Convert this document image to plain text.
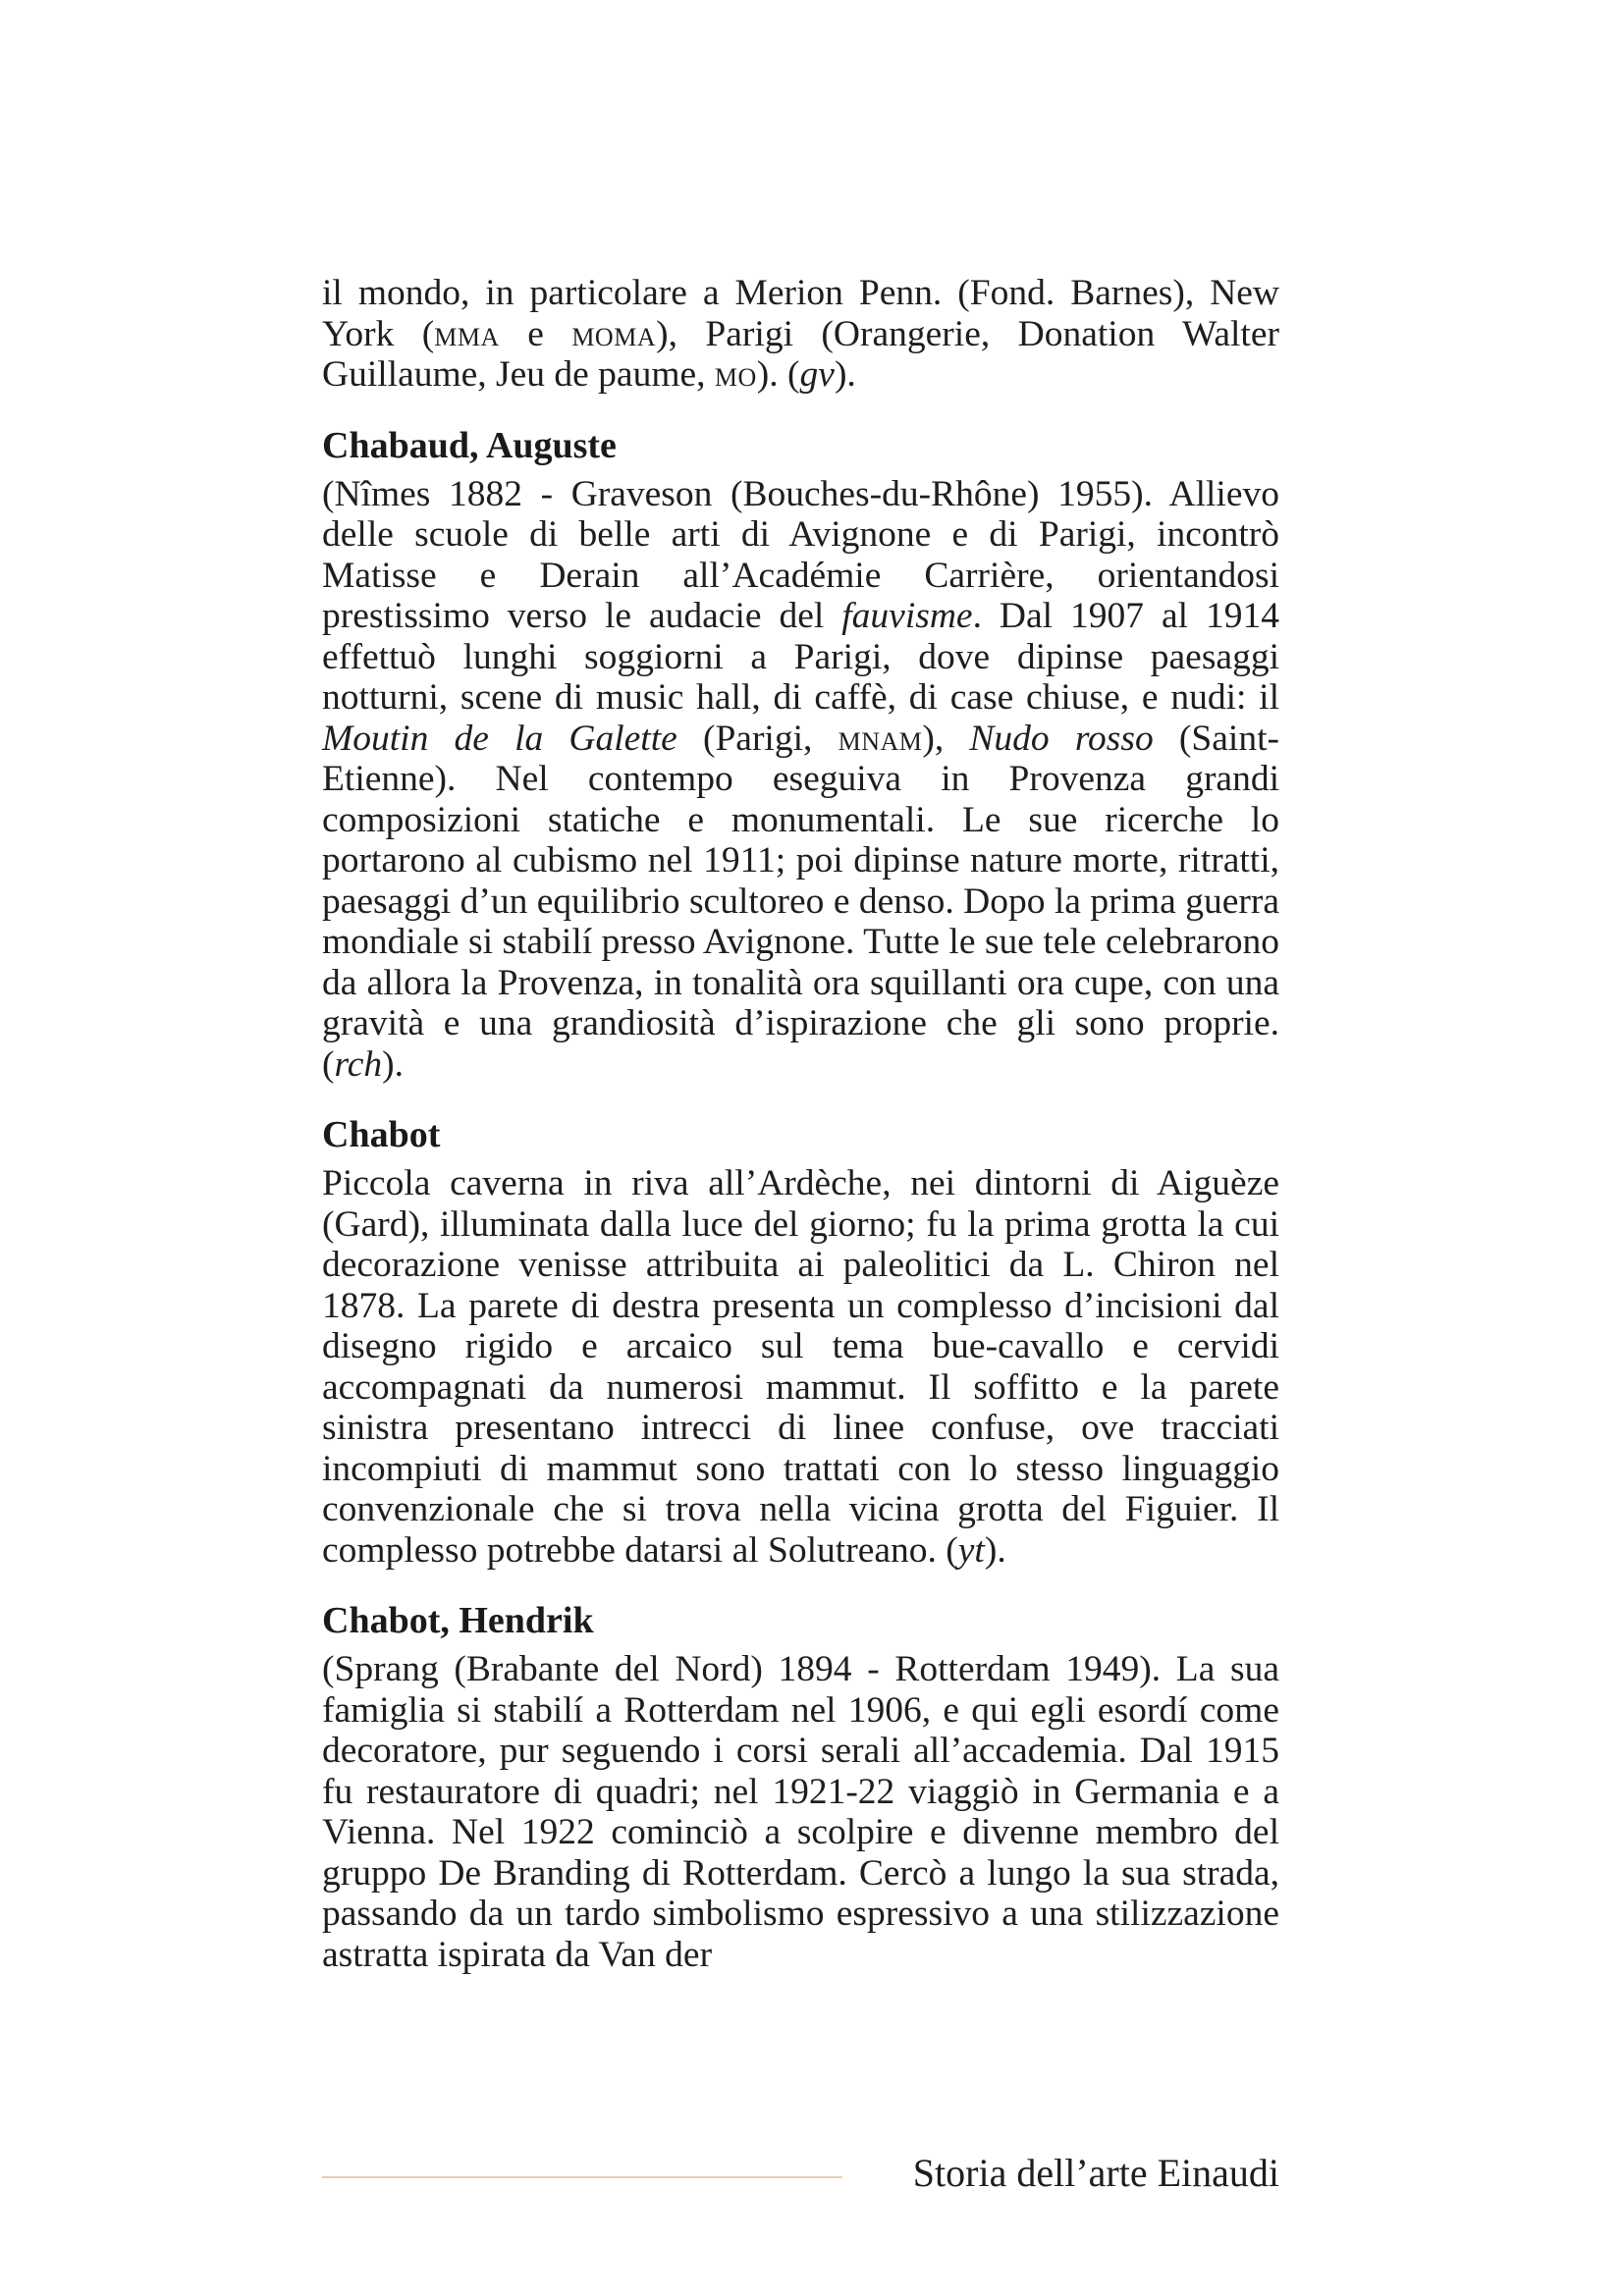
il mondo, in particolare a Merion Penn. (Fond. Barnes), New York (mma e moma), Parigi (Orangerie, Donation Walter Guillaume, Jeu de paume, mo). (gv).

Chabaud, Auguste

(Nîmes 1882 - Graveson (Bouches-du-Rhône) 1955). Allievo delle scuole di belle arti di Avignone e di Parigi, incontrò Matisse e Derain all’Académie Carrière, orientandosi prestissimo verso le audacie del fauvisme. Dal 1907 al 1914 effettuò lunghi soggiorni a Parigi, dove dipinse paesaggi notturni, scene di music hall, di caffè, di case chiuse, e nudi: il Moutin de la Galette (Parigi, mnam), Nudo rosso (Saint-Etienne). Nel contempo eseguiva in Provenza grandi composizioni statiche e monumentali. Le sue ricerche lo portarono al cubismo nel 1911; poi dipinse nature morte, ritratti, paesaggi d’un equilibrio scultoreo e denso. Dopo la prima guerra mondiale si stabilí presso Avignone. Tutte le sue tele celebrarono da allora la Provenza, in tonalità ora squillanti ora cupe, con una gravità e una grandiosità d’ispirazione che gli sono proprie. (rch).

Chabot

Piccola caverna in riva all’Ardèche, nei dintorni di Aiguèze (Gard), illuminata dalla luce del giorno; fu la prima grotta la cui decorazione venisse attribuita ai paleolitici da L. Chiron nel 1878. La parete di destra presenta un complesso d’incisioni dal disegno rigido e arcaico sul tema bue-cavallo e cervidi accompagnati da numerosi mammut. Il soffitto e la parete sinistra presentano intrecci di linee confuse, ove tracciati incompiuti di mammut sono trattati con lo stesso linguaggio convenzionale che si trova nella vicina grotta del Figuier. Il complesso potrebbe datarsi al Solutreano. (yt).

Chabot, Hendrik

(Sprang (Brabante del Nord) 1894 - Rotterdam 1949). La sua famiglia si stabilí a Rotterdam nel 1906, e qui egli esordí come decoratore, pur seguendo i corsi serali all’accademia. Dal 1915 fu restauratore di quadri; nel 1921-22 viaggiò in Germania e a Vienna. Nel 1922 cominciò a scolpire e divenne membro del gruppo De Branding di Rotterdam. Cercò a lungo la sua strada, passando da un tardo simbolismo espressivo a una stilizzazione astratta ispirata da Van der

Storia dell’arte Einaudi
